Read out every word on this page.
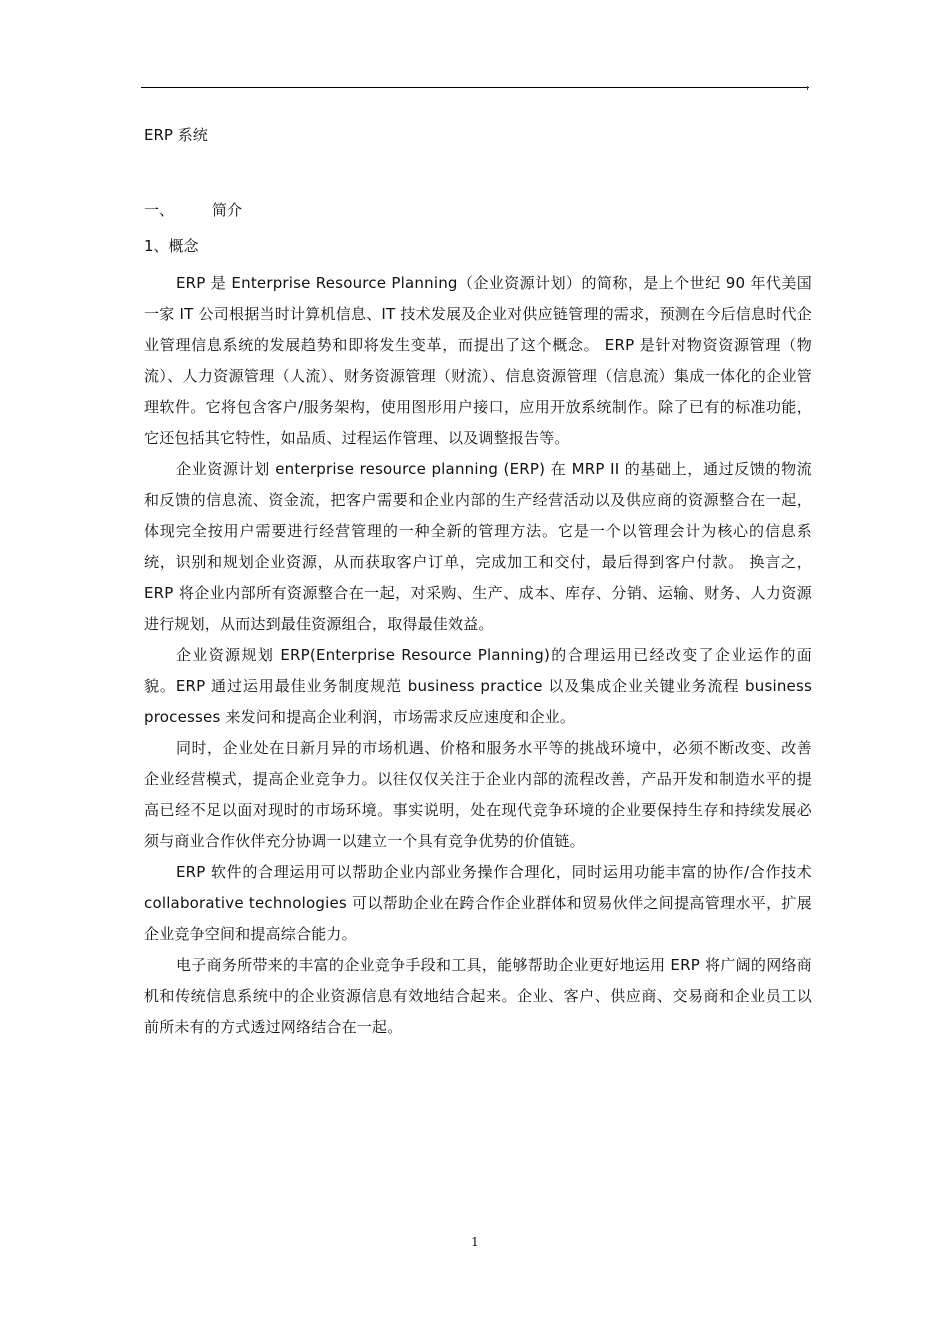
ERP 系统
一、	简介
1、概念

ERP 是 Enterprise Resource Planning（企业资源计划）的简称，是上个世纪 90 年代美国一家 IT 公司根据当时计算机信息、IT 技术发展及企业对供应链管理的需求，预测在今后信息时代企业管理信息系统的发展趋势和即将发生变革，而提出了这个概念。 ERP 是针对物资资源管理（物流）、人力资源管理（人流）、财务资源管理（财流）、信息资源管理（信息流）集成一体化的企业管理软件。它将包含客户/服务架构，使用图形用户接口，应用开放系统制作。除了已有的标准功能，它还包括其它特性，如品质、过程运作管理、以及调整报告等。

企业资源计划 enterprise resource planning (ERP) 在 MRP II 的基础上，通过反馈的物流和反馈的信息流、资金流，把客户需要和企业内部的生产经营活动以及供应商的资源整合在一起，体现完全按用户需要进行经营管理的一种全新的管理方法。它是一个以管理会计为核心的信息系统，识别和规划企业资源，从而获取客户订单，完成加工和交付，最后得到客户付款。 换言之，ERP 将企业内部所有资源整合在一起，对采购、生产、成本、库存、分销、运输、财务、人力资源进行规划，从而达到最佳资源组合，取得最佳效益。

企业资源规划 ERP(Enterprise Resource Planning)的合理运用已经改变了企业运作的面貌。ERP 通过运用最佳业务制度规范 business practice 以及集成企业关键业务流程 business processes 来发问和提高企业利润，市场需求反应速度和企业。

同时，企业处在日新月异的市场机遇、价格和服务水平等的挑战环境中，必须不断改变、改善企业经营模式，提高企业竞争力。以往仅仅关注于企业内部的流程改善，产品开发和制造水平的提高已经不足以面对现时的市场环境。事实说明，处在现代竞争环境的企业要保持生存和持续发展必须与商业合作伙伴充分协调一以建立一个具有竞争优势的价值链。

ERP 软件的合理运用可以帮助企业内部业务操作合理化，同时运用功能丰富的协作/合作技术 collaborative technologies 可以帮助企业在跨合作企业群体和贸易伙伴之间提高管理水平，扩展企业竞争空间和提高综合能力。

电子商务所带来的丰富的企业竞争手段和工具，能够帮助企业更好地运用 ERP 将广阔的网络商机和传统信息系统中的企业资源信息有效地结合起来。企业、客户、供应商、交易商和企业员工以前所未有的方式透过网络结合在一起。

1
